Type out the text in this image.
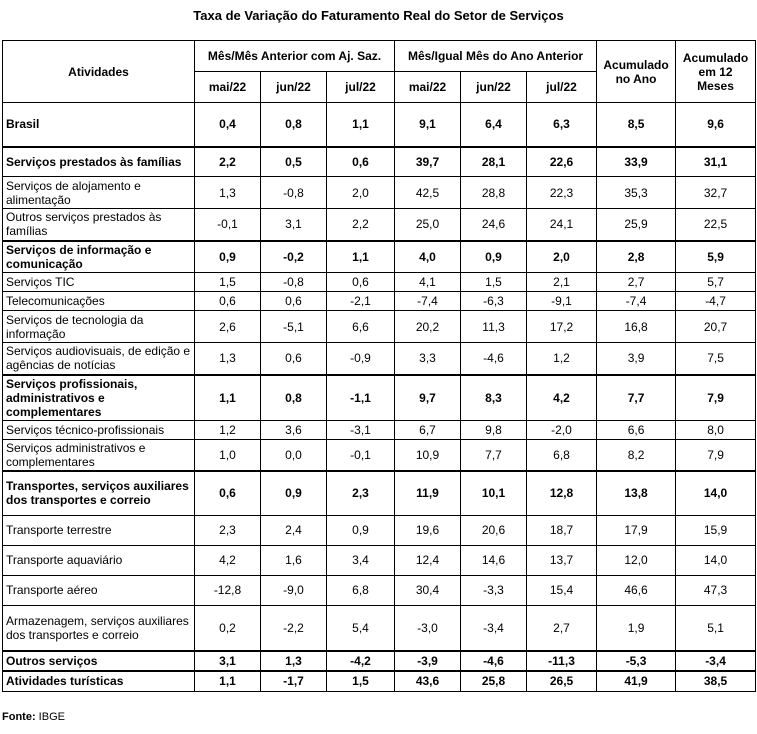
Taxa de Variação do Faturamento Real do Setor de Serviços
Atividades	Mês/Mês Anterior com Aj. Saz.			Mês/Igual Mês do Ano Anterior			Acumulado no Ano	Acumulado em 12 Meses
	mai/22	jun/22	jul/22	mai/22	jun/22	jul/22		
Brasil	0,4	0,8	1,1	9,1	6,4	6,3	8,5	9,6
Serviços prestados às famílias	2,2	0,5	0,6	39,7	28,1	22,6	33,9	31,1
Serviços de alojamento e alimentação	1,3	-0,8	2,0	42,5	28,8	22,3	35,3	32,7
Outros serviços prestados às famílias	-0,1	3,1	2,2	25,0	24,6	24,1	25,9	22,5
Serviços de informação e comunicação	0,9	-0,2	1,1	4,0	0,9	2,0	2,8	5,9
Serviços TIC	1,5	-0,8	0,6	4,1	1,5	2,1	2,7	5,7
Telecomunicações	0,6	0,6	-2,1	-7,4	-6,3	-9,1	-7,4	-4,7
Serviços de tecnologia da informação	2,6	-5,1	6,6	20,2	11,3	17,2	16,8	20,7
Serviços audiovisuais, de edição e agências de notícias	1,3	0,6	-0,9	3,3	-4,6	1,2	3,9	7,5
Serviços profissionais, administrativos e complementares	1,1	0,8	-1,1	9,7	8,3	4,2	7,7	7,9
Serviços técnico-profissionais	1,2	3,6	-3,1	6,7	9,8	-2,0	6,6	8,0
Serviços administrativos e complementares	1,0	0,0	-0,1	10,9	7,7	6,8	8,2	7,9
Transportes, serviços auxiliares dos transportes e correio	0,6	0,9	2,3	11,9	10,1	12,8	13,8	14,0
Transporte terrestre	2,3	2,4	0,9	19,6	20,6	18,7	17,9	15,9
Transporte aquaviário	4,2	1,6	3,4	12,4	14,6	13,7	12,0	14,0
Transporte aéreo	-12,8	-9,0	6,8	30,4	-3,3	15,4	46,6	47,3
Armazenagem, serviços auxiliares dos transportes e correio	0,2	-2,2	5,4	-3,0	-3,4	2,7	1,9	5,1
Outros serviços	3,1	1,3	-4,2	-3,9	-4,6	-11,3	-5,3	-3,4
Atividades turísticas	1,1	-1,7	1,5	43,6	25,8	26,5	41,9	38,5
Fonte: IBGE
